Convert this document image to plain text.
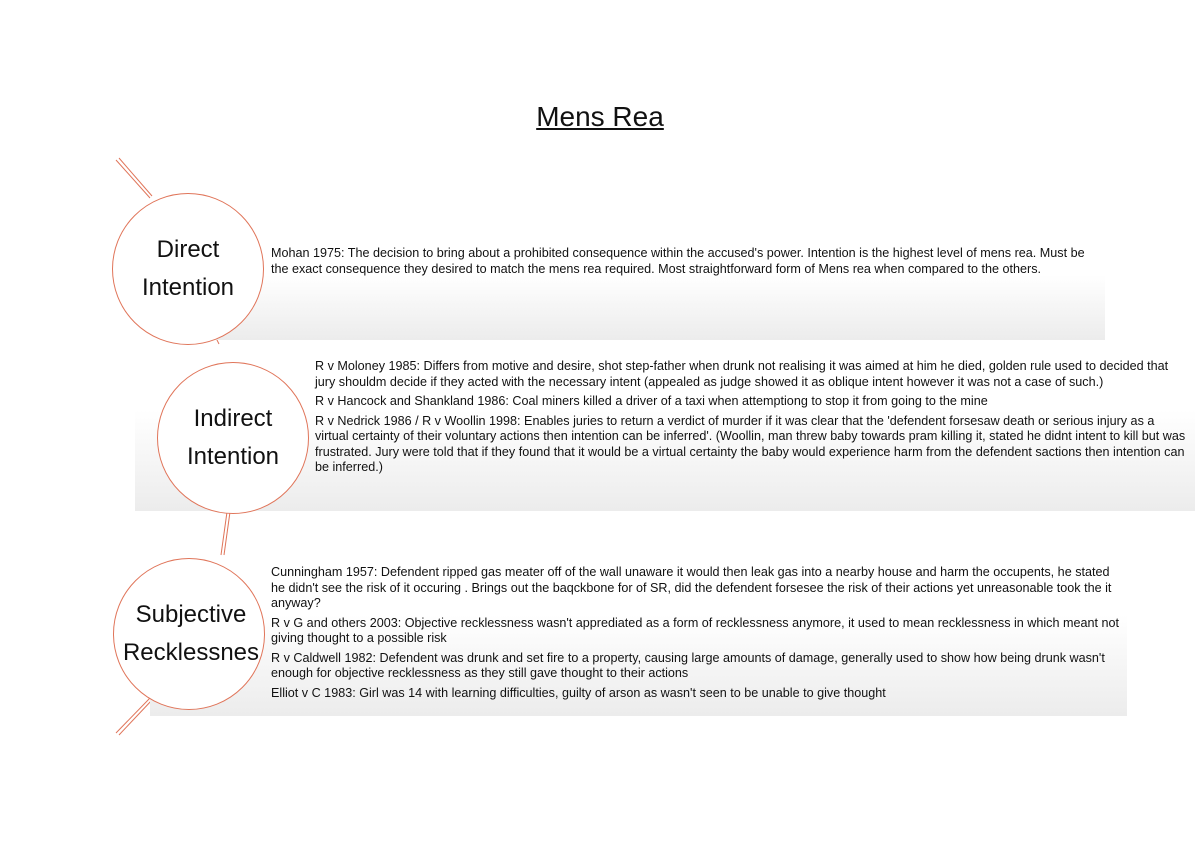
Mens Rea

Mohan 1975: The decision to bring about a prohibited consequence within the accused's power. Intention is the highest level of mens rea. Must be the exact consequence they desired to match the mens rea required. Most straightforward form of Mens rea when compared to the others.

Direct
Intention

R v Moloney 1985: Differs from motive and desire, shot step-father when drunk not realising it was aimed at him he died, golden rule used to decided that jury shouldm decide if they acted with the necessary intent (appealed as judge showed it as oblique intent however it was not a case of such.)

R v Hancock and Shankland 1986: Coal miners killed a driver of a taxi when attemptiong to stop it from going to the mine

R v Nedrick 1986 / R v Woollin 1998: Enables juries to return a verdict of murder if it was clear that the 'defendent forsesaw death or serious injury as a virtual certainty of their voluntary actions then intention can be inferred'. (Woollin, man threw baby towards pram killing it, stated he didnt intent to kill but was frustrated. Jury were told that if they found that it would be a virtual certainty the baby would experience harm from the defendent sactions then intention can be inferred.)

Indirect
Intention

Cunningham 1957: Defendent ripped gas meater off of the wall unaware it would then leak gas into a nearby house and harm the occupents, he stated he didn't see the risk of it occuring . Brings out the baqckbone for of SR, did the defendent forsesee the risk of their actions yet unreasonable took the it anyway?

R v G and others 2003: Objective recklessness wasn't apprediated as a form of recklessness anymore, it used to mean recklessness in which meant not giving thought to a possible risk

R v Caldwell 1982: Defendent was drunk and set fire to a property, causing large amounts of damage, generally used to show how being drunk wasn't enough for objective recklessness as they still gave thought to their actions

Elliot v C 1983: Girl was 14 with learning difficulties, guilty of arson as wasn't seen to be unable to give thought

Subjective
Recklessnes
